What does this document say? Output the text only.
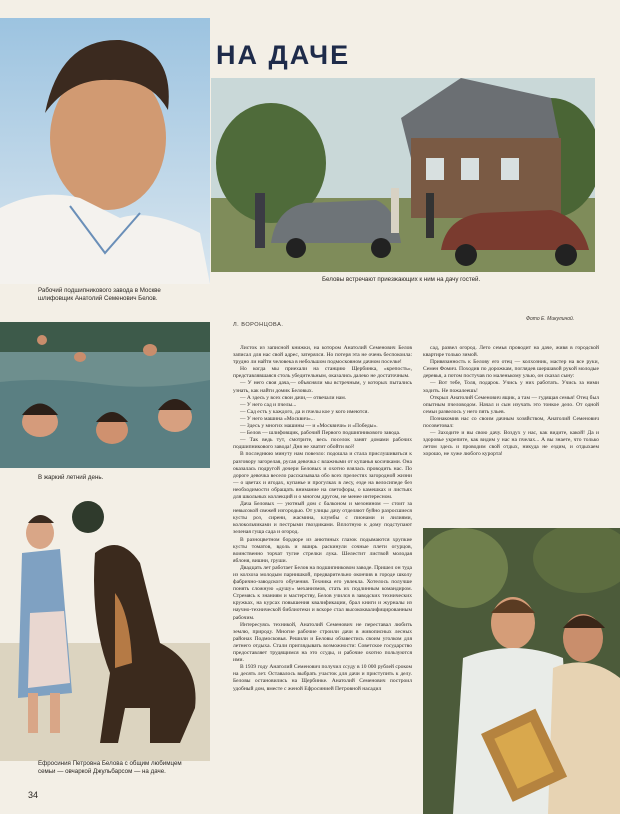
Рабочий подшипникового завода в Москве шлифовщик Анатолий Семенович Белов.
НА ДАЧЕ
Беловы встречают приезжающих к ним на дачу гостей.
Фото Е. Микулиной.
Л. ВОРОНЦОВА.
В жаркий летний день.
Ефросиния Петровна Белова с общим любимцем семьи — овчаркой Джульбарсом — на даче.

Листок из записной книжки, на котором Анатолий Семенович Белов записал для нас свой адрес, затерялся. Но потеря эта не очень беспокоила: трудно ли найти человека в небольшом подмосковном дачном поселке!

Но когда мы приехали на станцию Щербинка, «крепость», представлявшаяся столь убедительным, оказались далеко не достаточным.

— У него своя дача,— объясняли мы встречным, у которых пытались узнать, как найти домик Беловых.

— А здесь у всех свои дачи,— отвечали нам.

— У него сад и пчелы...

— Сад есть у каждого, да и пчелы кое у кого имеются.

— У него машина «Москвич»...

— Здесь у многих машины — и «Москвичи» и «Победы».

— Белов — шлифовщик, рабочий Первого подшипникового завода.

— Так ведь тут, смотрите, весь поселок занят домами рабочих подшипникового завода! Дня не хватит обойти всё!

В последнюю минуту нам повезло: подошла и стала прислушиваться к разговору загорелая, русая девочка с влажными от купанья косичками. Она оказалась подругой дочери Беловых и охотно взялась проводить нас. По дороге девочка весело рассказывала обо всех прелестях загородной жизни — о цветах и ягодах, купанье и прогулках в лесу, езде на велосипеде без необходимости обращать внимание на светофоры, о камешках и листьях для школьных коллекций и о многом другом, не менее интересном.

Дача Беловых — уютный дом с балконом и мезонином — стоит за невысокой свежей изгородью. От улицы дачу отделяют буйно разросшиеся кусты роз, сирени, жасмина, клумбы с пионами и лилиями, колокольчиками и пестрыми гвоздиками. Вплотную к дому подступают зеленая гуща сада и огород.

В разноцветном бордюре из анютиных глазок подымаются хрупкие кусты томатов, вдоль и вширь раскинули сочные плети огурцов, воинственно торчат тугие стрелки лука. Шелестит листвой молодая яблоня, вишни, груши.

Двадцать лет работает Белов на подшипниковом заводе. Пришел он туда из колхоза молодым парнишкой, предварительно окончив в городе школу фабрично-заводского обучения. Техника его увлекла. Хотелось получше понять сложную «душу» механизмов, стать их подлинным командиром. Стремясь к знаниям и мастерству, Белов учился в заводских технических кружках, на курсах повышения квалификации, брал книги и журналы из научно-технической библиотеки и вскоре стал высококвалифицированным рабочим.

Интересуясь техникой, Анатолий Семенович не переставал любить землю, природу. Многие рабочие строили дачи в живописных лесных районах Подмосковья. Решили и Беловы обзавестись своим уголком для летнего отдыха. Стали приглядывать возможности: Советское государство предоставляет трудящимся на это ссуды, и рабочие охотно пользуются ими.

В 1939 году Анатолий Семенович получил ссуду в 10 000 рублей сроком на десять лет. Оставалось выбрать участок для дачи и приступить к делу. Беловы остановились на Щербинке. Анатолий Семенович построил удобный дом, вместе с женой Ефросинией Петровной насадил

сад, развел огород. Лето семья проводит на даче, живя в городской квартире только зимой.

Привязанность к Белову его отец — колхозник, мастер на все руки, Семен Фомич. Походив по дорожкам, поглядев шершавой рукой молодые деревья, а потом постучав по маленькому улью, он сказал сыну:

— Вот тебе, Толя, подарок. Учись у них работать. Учись за ними ходить. Не пожалеешь!

Открыл Анатолий Семенович ящик, а там — гудящая семья! Отец был опытным пчеловодом. Начал и сын изучать это тонкое дело. От одной семьи развелось у него пять ульев.

Познакомив нас со своим дачным хозяйством, Анатолий Семенович посоветовал:

— Заходите и вы свою дачу. Воздух у нас, как видите, какой! Да и здоровье укрепите, как видим у нас на пчелах... А вы знаете, что только летом здесь и проводим свой отдых, никуда не ездим, и отдыхаем хорошо, не хуже любого курорта!

34
